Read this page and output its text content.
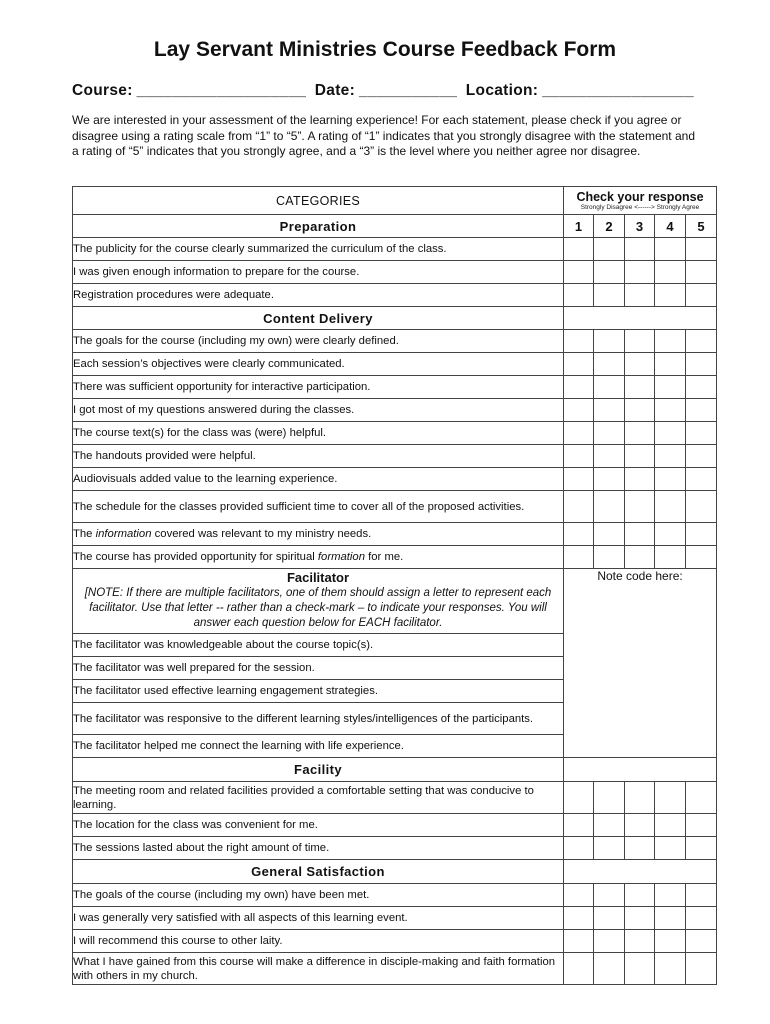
Lay Servant Ministries Course Feedback Form
Course: ___________________ Date: ___________ Location: _________________

We are interested in your assessment of the learning experience! For each statement, please check if you agree or disagree using a rating scale from “1” to “5”. A rating of “1” indicates that you strongly disagree with the statement and a rating of “5” indicates that you strongly agree, and a “3” is the level where you neither agree nor disagree.

CATEGORIES	Check your response
Strongly Disagree <------> Strongly Agree				

Preparation	1	2	3	4	5
The publicity for the course clearly summarized the curriculum of the class.					
I was given enough information to prepare for the course.					
Registration procedures were adequate.					
Content Delivery					
The goals for the course (including my own) were clearly defined.					
Each session’s objectives were clearly communicated.					
There was sufficient opportunity for interactive participation.					
I got most of my questions answered during the classes.					
The course text(s) for the class was (were) helpful.					
The handouts provided were helpful.					
Audiovisuals added value to the learning experience.					
The schedule for the classes provided sufficient time to cover all of the proposed activities.					
The information covered was relevant to my ministry needs.					
The course has provided opportunity for spiritual formation for me.					

Facilitator
[NOTE: If there are multiple facilitators, one of them should assign a letter to represent each facilitator. Use that letter -- rather than a check-mark – to indicate your responses. You will answer each question below for EACH facilitator.	Note code here:				
The facilitator was knowledgeable about the course topic(s).					
The facilitator was well prepared for the session.					
The facilitator used effective learning engagement strategies.					
The facilitator was responsive to the different learning styles/intelligences of the participants.					
The facilitator helped me connect the learning with life experience.					
Facility					
The meeting room and related facilities provided a comfortable setting that was conducive to learning.					
The location for the class was convenient for me.					
The sessions lasted about the right amount of time.					
General Satisfaction					
The goals of the course (including my own) have been met.					
I was generally very satisfied with all aspects of this learning event.					
I will recommend this course to other laity.					
What I have gained from this course will make a difference in disciple-making and faith formation with others in my church.					
